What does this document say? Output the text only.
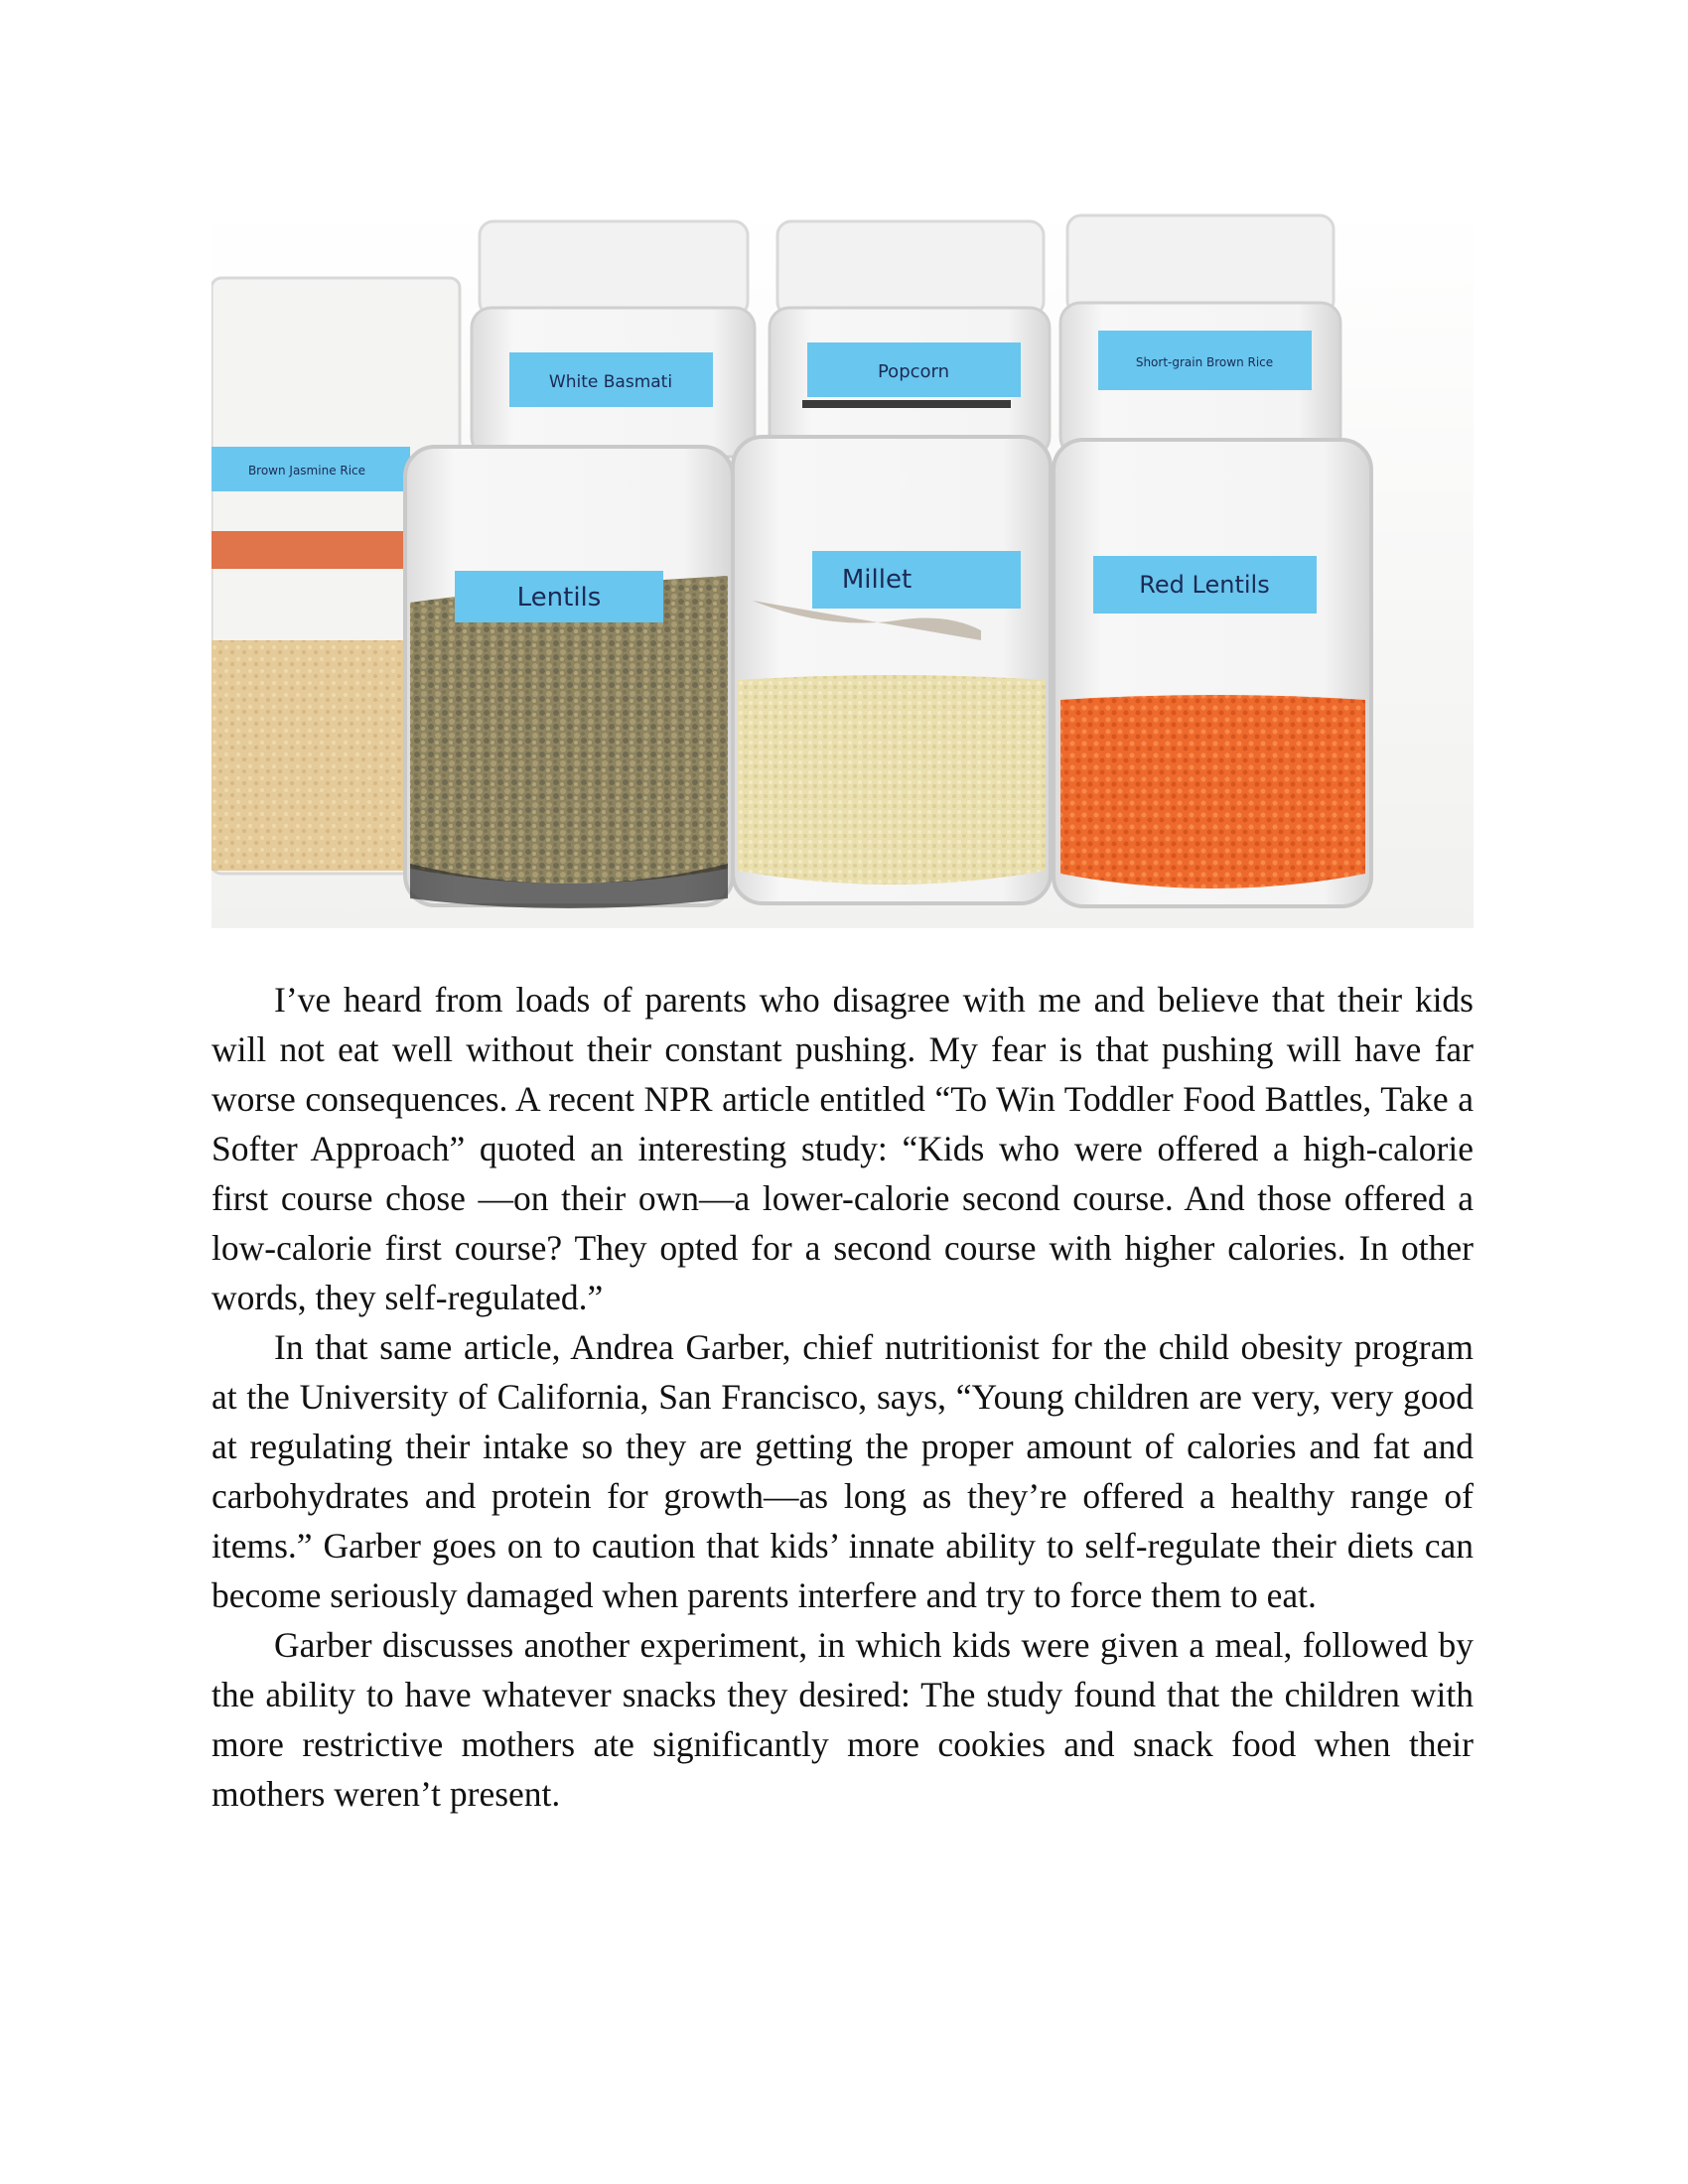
White Basmati	Popcorn	Short-grain Brown Rice
Brown Jasmine Rice
Lentils
Millet	Red Lentils

I’ve heard from loads of parents who disagree with me and believe that their kids will not eat well without their constant pushing. My fear is that pushing will have far worse consequences. A recent NPR article entitled “To Win Toddler Food Battles, Take a Softer Approach” quoted an interesting study: “Kids who were offered a high-calorie first course chose —on their own—a lower-calorie second course. And those offered a low-calorie first course? They opted for a second course with higher calories. In other words, they self-regulated.”

In that same article, Andrea Garber, chief nutritionist for the child obesity program at the University of California, San Francisco, says, “Young children are very, very good at regulating their intake so they are getting the proper amount of calories and fat and carbohydrates and protein for growth—as long as they’re offered a healthy range of items.” Garber goes on to caution that kids’ innate ability to self-regulate their diets can become seriously damaged when parents interfere and try to force them to eat.

Garber discusses another experiment, in which kids were given a meal, followed by the ability to have whatever snacks they desired: The study found that the children with more restrictive mothers ate significantly more cookies and snack food when their mothers weren’t present.
